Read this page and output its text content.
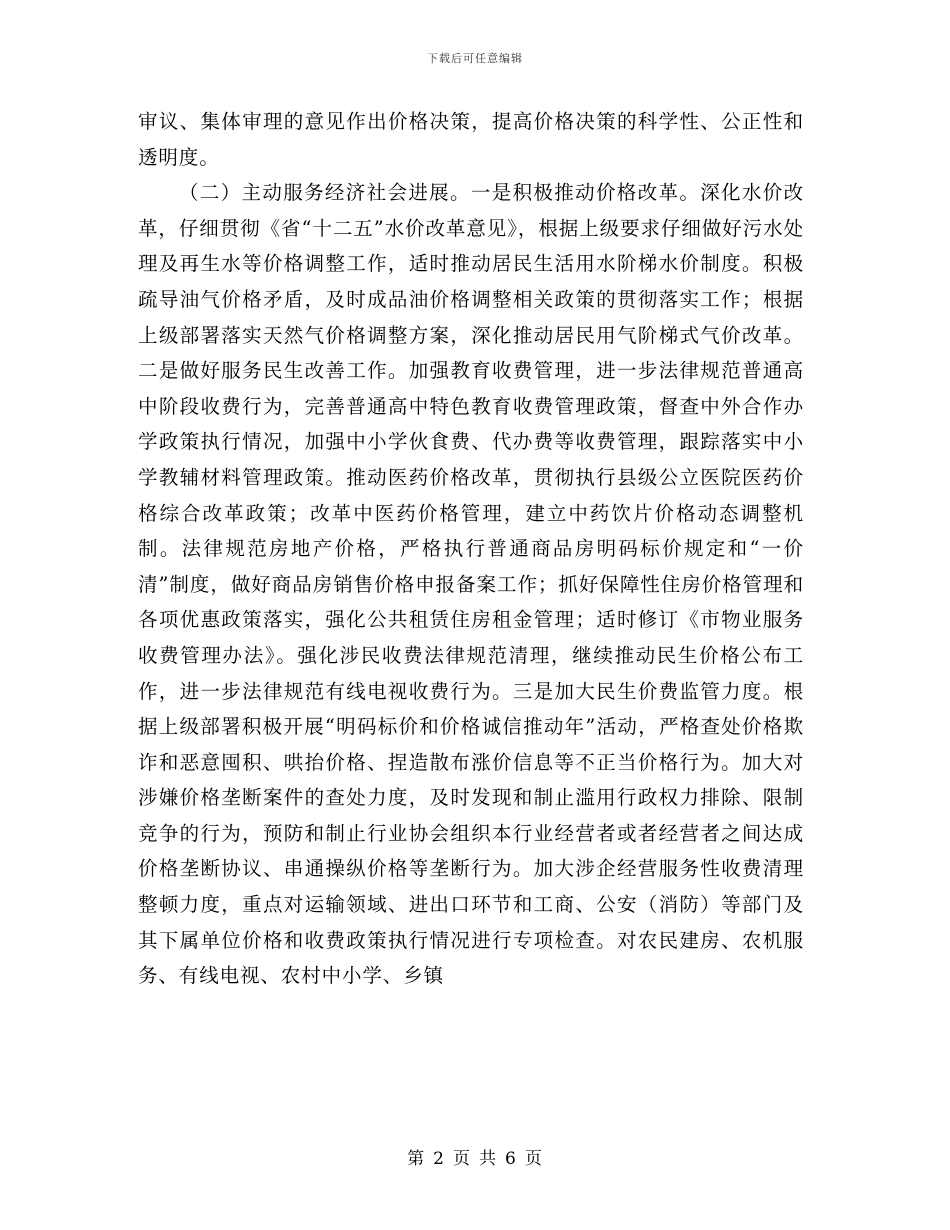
下载后可任意编辑

审议、集体审理的意见作出价格决策，提高价格决策的科学性、公正性和透明度。

（二）主动服务经济社会进展。一是积极推动价格改革。深化水价改革，仔细贯彻《省“十二五”水价改革意见》，根据上级要求仔细做好污水处理及再生水等价格调整工作，适时推动居民生活用水阶梯水价制度。积极疏导油气价格矛盾，及时成品油价格调整相关政策的贯彻落实工作；根据上级部署落实天然气价格调整方案，深化推动居民用气阶梯式气价改革。二是做好服务民生改善工作。加强教育收费管理，进一步法律规范普通高中阶段收费行为，完善普通高中特色教育收费管理政策，督查中外合作办学政策执行情况，加强中小学伙食费、代办费等收费管理，跟踪落实中小学教辅材料管理政策。推动医药价格改革，贯彻执行县级公立医院医药价格综合改革政策；改革中医药价格管理，建立中药饮片价格动态调整机制。法律规范房地产价格，严格执行普通商品房明码标价规定和“一价清”制度，做好商品房销售价格申报备案工作；抓好保障性住房价格管理和各项优惠政策落实，强化公共租赁住房租金管理；适时修订《市物业服务收费管理办法》。强化涉民收费法律规范清理，继续推动民生价格公布工作，进一步法律规范有线电视收费行为。三是加大民生价费监管力度。根据上级部署积极开展“明码标价和价格诚信推动年”活动，严格查处价格欺诈和恶意囤积、哄抬价格、捏造散布涨价信息等不正当价格行为。加大对涉嫌价格垄断案件的查处力度，及时发现和制止滥用行政权力排除、限制竞争的行为，预防和制止行业协会组织本行业经营者或者经营者之间达成价格垄断协议、串通操纵价格等垄断行为。加大涉企经营服务性收费清理整顿力度，重点对运输领域、进出口环节和工商、公安（消防）等部门及其下属单位价格和收费政策执行情况进行专项检查。对农民建房、农机服务、有线电视、农村中小学、乡镇

第 2 页 共 6 页
